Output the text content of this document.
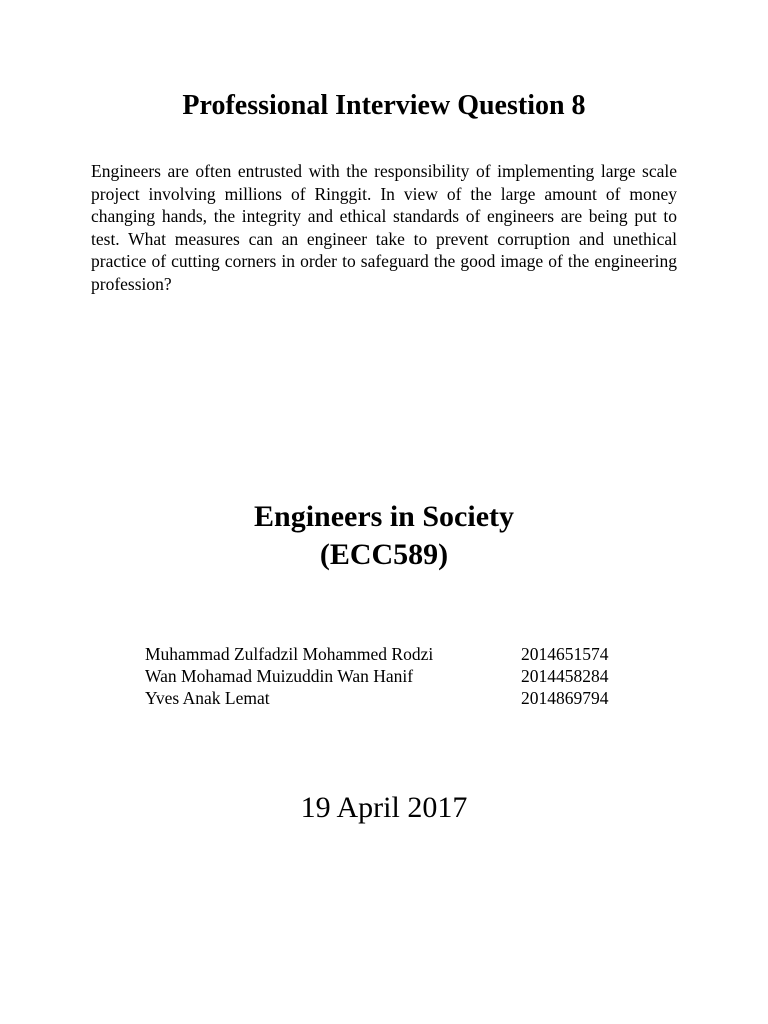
Professional Interview Question 8

Engineers are often entrusted with the responsibility of implementing large scale project involving millions of Ringgit. In view of the large amount of money changing hands, the integrity and ethical standards of engineers are being put to test. What measures can an engineer take to prevent corruption and unethical practice of cutting corners in order to safeguard the good image of the engineering profession?

Engineers in Society
(ECC589)
Muhammad Zulfadzil Mohammed Rodzi	2014651574
Wan Mohamad Muizuddin Wan Hanif	2014458284
Yves Anak Lemat	2014869794
19 April 2017
